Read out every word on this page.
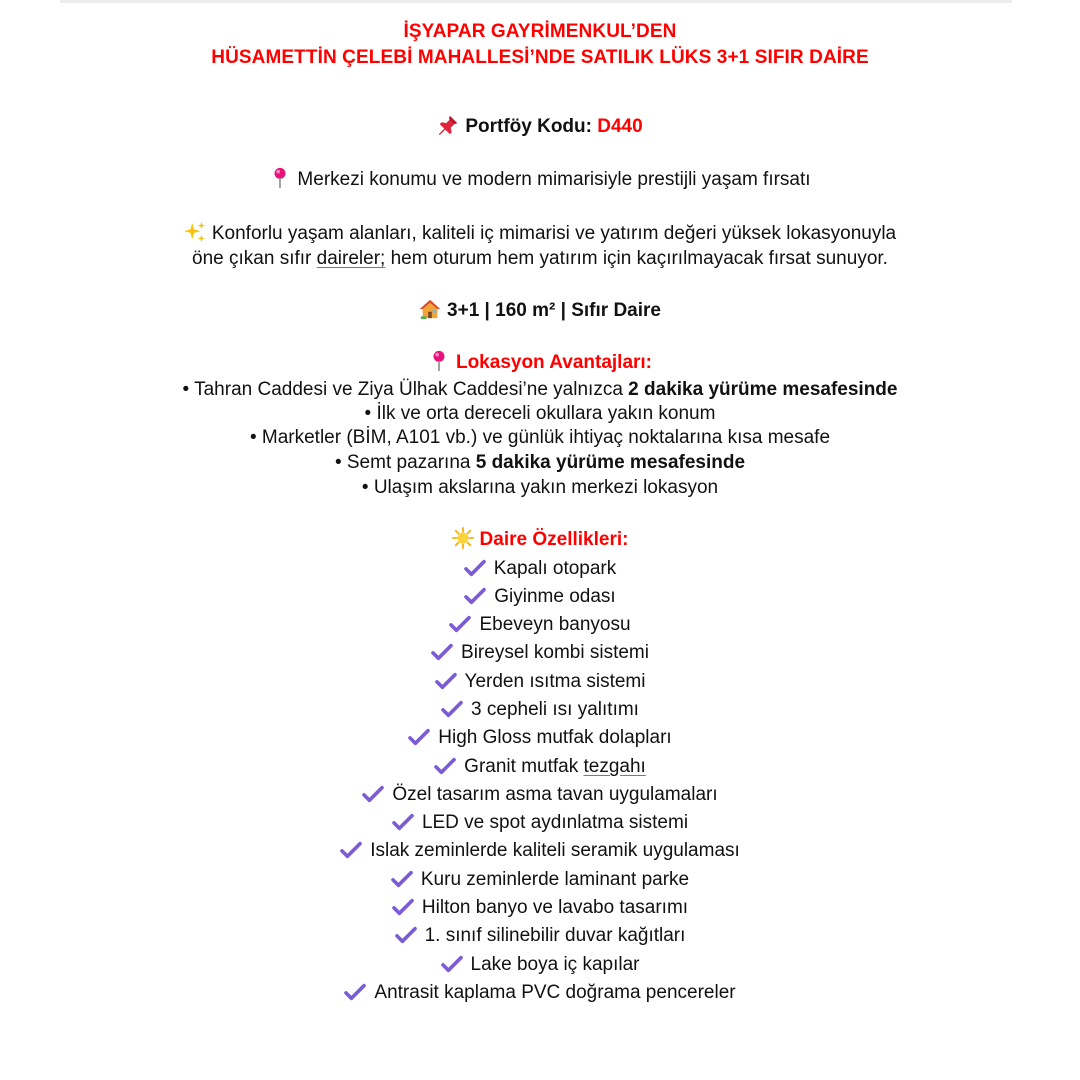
İŞYAPAR GAYRİMENKUL’DEN
HÜSAMETTİN ÇELEBİ MAHALLESİ’NDE SATILIK LÜKS 3+1 SIFIR DAİRE
Portföy Kodu: D440
Merkezi konumu ve modern mimarisiyle prestijli yaşam fırsatı
Konforlu yaşam alanları, kaliteli iç mimarisi ve yatırım değeri yüksek lokasyonuyla
öne çıkan sıfır daireler; hem oturum hem yatırım için kaçırılmayacak fırsat sunuyor.
3+1 | 160 m² | Sıfır Daire
Lokasyon Avantajları:
• Tahran Caddesi ve Ziya Ülhak Caddesi’ne yalnızca 2 dakika yürüme mesafesinde
• İlk ve orta dereceli okullara yakın konum
• Marketler (BİM, A101 vb.) ve günlük ihtiyaç noktalarına kısa mesafe
• Semt pazarına 5 dakika yürüme mesafesinde
• Ulaşım akslarına yakın merkezi lokasyon
Daire Özellikleri:
Kapalı otopark
Giyinme odası
Ebeveyn banyosu
Bireysel kombi sistemi
Yerden ısıtma sistemi
3 cepheli ısı yalıtımı
High Gloss mutfak dolapları
Granit mutfak tezgahı
Özel tasarım asma tavan uygulamaları
LED ve spot aydınlatma sistemi
Islak zeminlerde kaliteli seramik uygulaması
Kuru zeminlerde laminant parke
Hilton banyo ve lavabo tasarımı
1. sınıf silinebilir duvar kağıtları
Lake boya iç kapılar
Antrasit kaplama PVC doğrama pencereler
